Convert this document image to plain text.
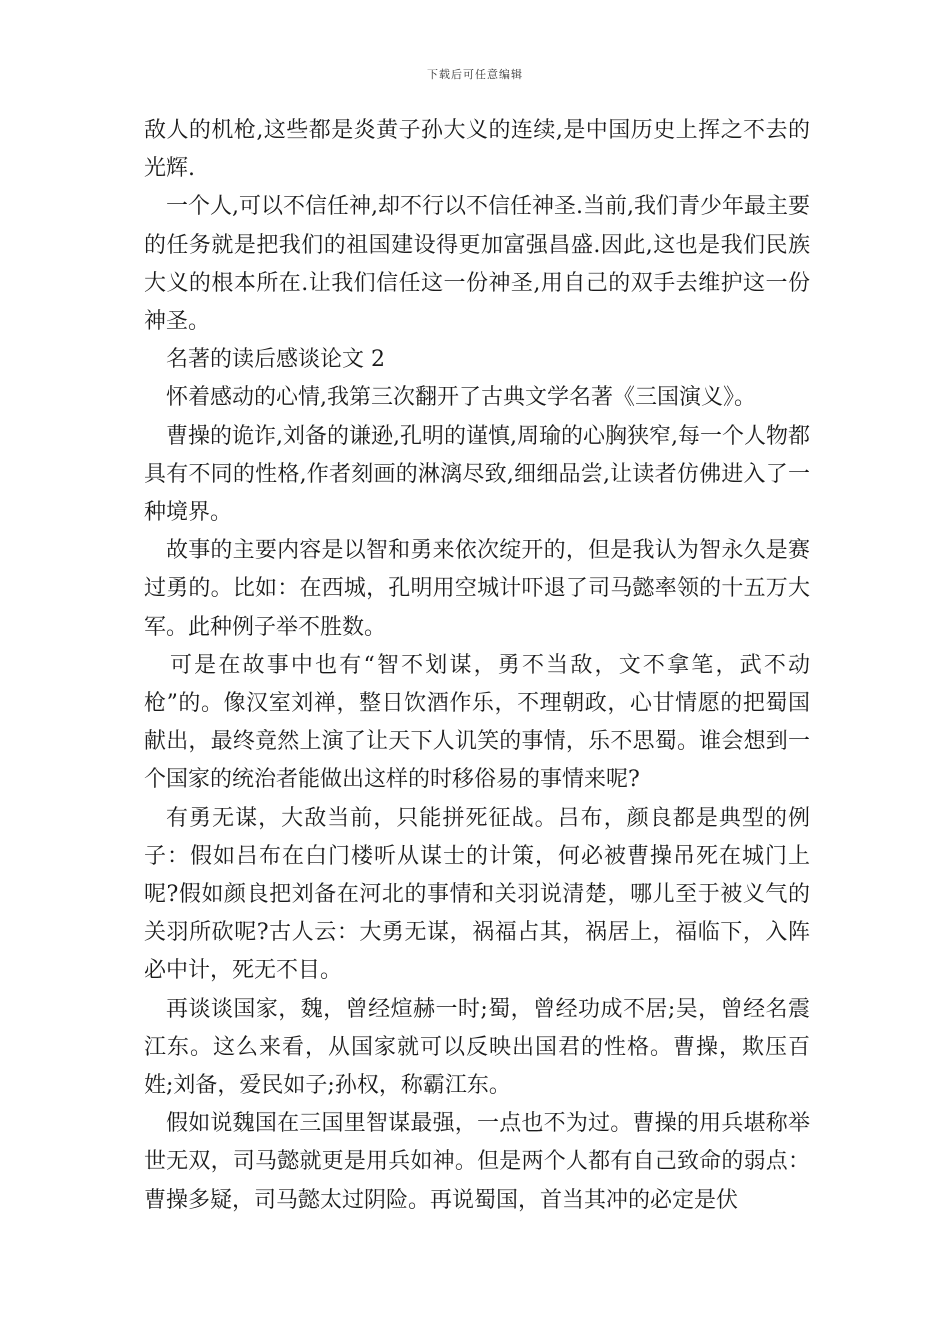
下载后可任意编辑

敌人的机枪,这些都是炎黄子孙大义的连续,是中国历史上挥之不去的光辉.

一个人,可以不信任神,却不行以不信任神圣.当前,我们青少年最主要的任务就是把我们的祖国建设得更加富强昌盛.因此,这也是我们民族大义的根本所在.让我们信任这一份神圣,用自己的双手去维护这一份神圣。

名著的读后感谈论文 2

怀着感动的心情,我第三次翻开了古典文学名著《三国演义》。

曹操的诡诈,刘备的谦逊,孔明的谨慎,周瑜的心胸狭窄,每一个人物都具有不同的性格,作者刻画的淋漓尽致,细细品尝,让读者仿佛进入了一种境界。

故事的主要内容是以智和勇来依次绽开的，但是我认为智永久是赛过勇的。比如：在西城，孔明用空城计吓退了司马懿率领的十五万大军。此种例子举不胜数。

可是在故事中也有“智不划谋，勇不当敌，文不拿笔，武不动枪”的。像汉室刘禅，整日饮酒作乐，不理朝政，心甘情愿的把蜀国献出，最终竟然上演了让天下人讥笑的事情，乐不思蜀。谁会想到一个国家的统治者能做出这样的时移俗易的事情来呢?

有勇无谋，大敌当前，只能拼死征战。吕布，颜良都是典型的例子：假如吕布在白门楼听从谋士的计策，何必被曹操吊死在城门上呢?假如颜良把刘备在河北的事情和关羽说清楚，哪儿至于被义气的关羽所砍呢?古人云：大勇无谋，祸福占其，祸居上，福临下，入阵必中计，死无不目。

再谈谈国家，魏，曾经煊赫一时;蜀，曾经功成不居;吴，曾经名震江东。这么来看，从国家就可以反映出国君的性格。曹操，欺压百姓;刘备，爱民如子;孙权，称霸江东。

假如说魏国在三国里智谋最强，一点也不为过。曹操的用兵堪称举世无双，司马懿就更是用兵如神。但是两个人都有自己致命的弱点：曹操多疑，司马懿太过阴险。再说蜀国，首当其冲的必定是伏
